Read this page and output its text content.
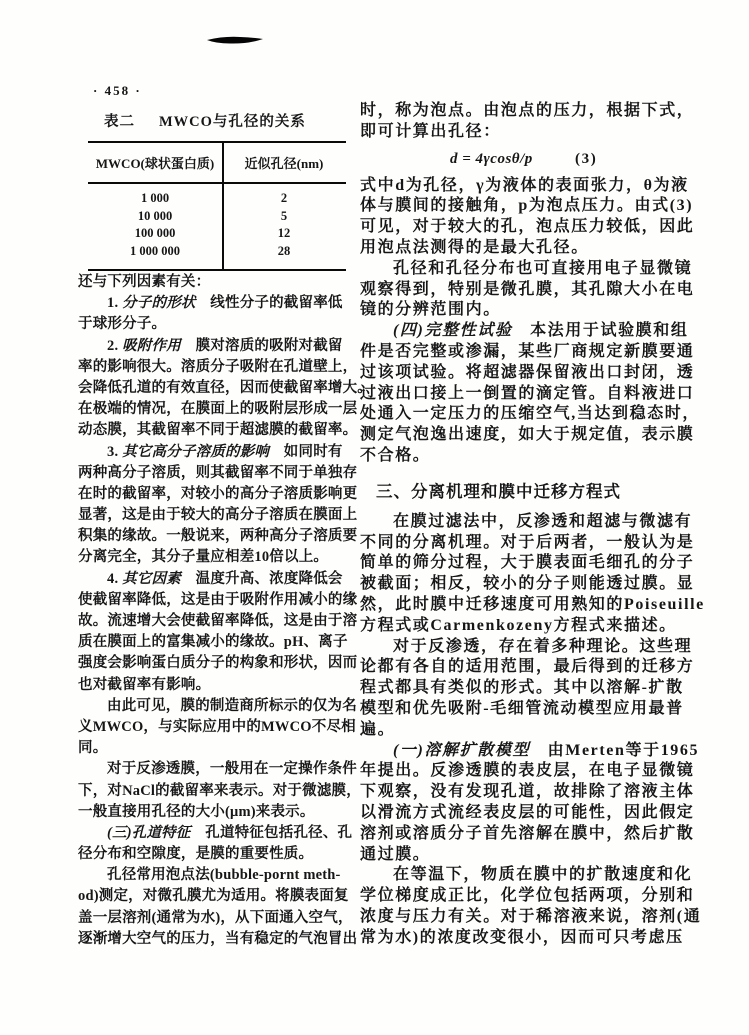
· 458 ·
表二 MWCO与孔径的关系
MWCO(球状蛋白质)	近似孔径(nm)
1 000	2
10 000	5
100 000	12
1 000 000	28
还与下列因素有关：
1. 分子的形状　线性分子的截留率低
于球形分子。
2. 吸附作用　膜对溶质的吸附对截留
率的影响很大。溶质分子吸附在孔道壁上，
会降低孔道的有效直径，因而使截留率增大。
在极端的情况，在膜面上的吸附层形成一层
动态膜，其截留率不同于超滤膜的截留率。
3. 其它高分子溶质的影响　如同时有
两种高分子溶质，则其截留率不同于单独存
在时的截留率，对较小的高分子溶质影响更
显著，这是由于较大的高分子溶质在膜面上
积集的缘故。一般说来，两种高分子溶质要
分离完全，其分子量应相差10倍以上。
4. 其它因素　温度升高、浓度降低会
使截留率降低，这是由于吸附作用减小的缘
故。流速增大会使截留率降低，这是由于溶
质在膜面上的富集减小的缘故。pH、离子
强度会影响蛋白质分子的构象和形状，因而
也对截留率有影响。
由此可见，膜的制造商所标示的仅为名
义MWCO，与实际应用中的MWCO不尽相
同。
对于反渗透膜，一般用在一定操作条件
下，对NaCl的截留率来表示。对于微滤膜，
一般直接用孔径的大小(μm)来表示。
(三)孔道特征　孔道特征包括孔径、孔
径分布和空隙度，是膜的重要性质。
孔径常用泡点法(bubble-pornt meth-
od)测定，对微孔膜尤为适用。将膜表面复
盖一层溶剂(通常为水)，从下面通入空气，
逐渐增大空气的压力，当有稳定的气泡冒出
时，称为泡点。由泡点的压力，根据下式，
即可计算出孔径：
d = 4γcosθ/p	(3)
式中d为孔径，γ为液体的表面张力，θ为液
体与膜间的接触角，p为泡点压力。由式(3)
可见，对于较大的孔，泡点压力较低，因此
用泡点法测得的是最大孔径。
孔径和孔径分布也可直接用电子显微镜
观察得到，特别是微孔膜，其孔隙大小在电
镜的分辨范围内。
(四)完整性试验　本法用于试验膜和组
件是否完整或渗漏，某些厂商规定新膜要通
过该项试验。将超滤器保留液出口封闭，透
过液出口接上一倒置的滴定管。自料液进口
处通入一定压力的压缩空气,当达到稳态时，
测定气泡逸出速度，如大于规定值，表示膜
不合格。
三、分离机理和膜中迁移方程式
在膜过滤法中，反渗透和超滤与微滤有
不同的分离机理。对于后两者，一般认为是
简单的筛分过程，大于膜表面毛细孔的分子
被截面；相反，较小的分子则能透过膜。显
然，此时膜中迁移速度可用熟知的Poiseuille
方程式或Carmenkozeny方程式来描述。
对于反渗透，存在着多种理论。这些理
论都有各自的适用范围，最后得到的迁移方
程式都具有类似的形式。其中以溶解-扩散
模型和优先吸附-毛细管流动模型应用最普
遍。
(一)溶解扩散模型　由Merten等于1965
年提出。反渗透膜的表皮层，在电子显微镜
下观察，没有发现孔道，故排除了溶液主体
以滑流方式流经表皮层的可能性，因此假定
溶剂或溶质分子首先溶解在膜中，然后扩散
通过膜。
在等温下，物质在膜中的扩散速度和化
学位梯度成正比，化学位包括两项，分别和
浓度与压力有关。对于稀溶液来说，溶剂(通
常为水)的浓度改变很小，因而可只考虑压
